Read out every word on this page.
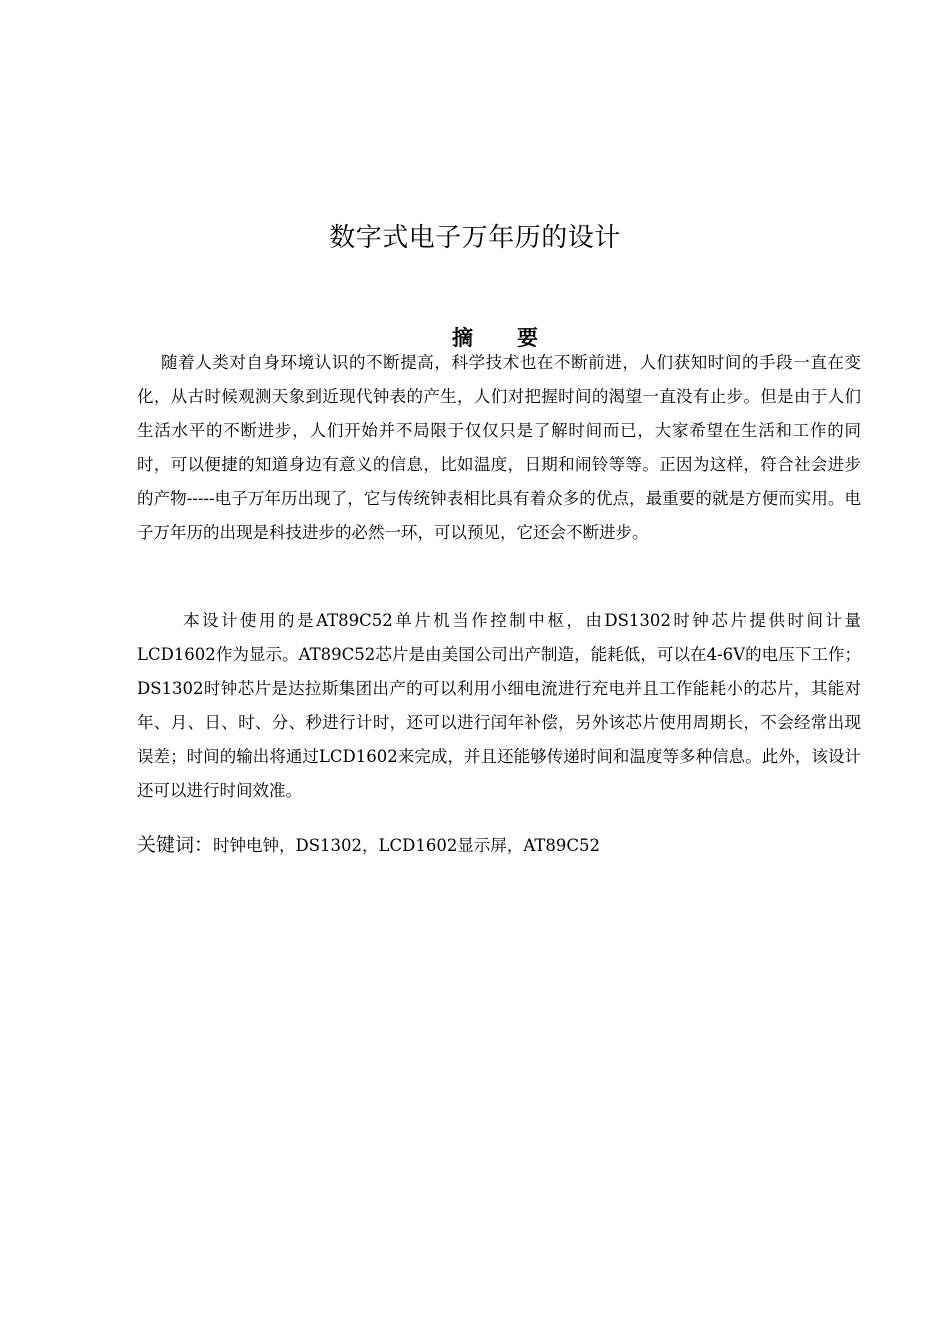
数字式电子万年历的设计
摘 要

随着人类对自身环境认识的不断提高，科学技术也在不断前进，人们获知时间的手段一直在变化，从古时候观测天象到近现代钟表的产生，人们对把握时间的渴望一直没有止步。但是由于人们生活水平的不断进步，人们开始并不局限于仅仅只是了解时间而已，大家希望在生活和工作的同时，可以便捷的知道身边有意义的信息，比如温度，日期和闹铃等等。正因为这样，符合社会进步的产物-----电子万年历出现了，它与传统钟表相比具有着众多的优点，最重要的就是方便而实用。电子万年历的出现是科技进步的必然一环，可以预见，它还会不断进步。

本设计使用的是AT89C52单片机当作控制中枢，由DS1302时钟芯片提供时间计量LCD1602作为显示。AT89C52芯片是由美国公司出产制造，能耗低，可以在4-6V的电压下工作；DS1302时钟芯片是达拉斯集团出产的可以利用小细电流进行充电并且工作能耗小的芯片，其能对年、月、日、时、分、秒进行计时，还可以进行闰年补偿，另外该芯片使用周期长，不会经常出现误差；时间的输出将通过LCD1602来完成，并且还能够传递时间和温度等多种信息。此外，该设计还可以进行时间效准。

关键词：时钟电钟，DS1302，LCD1602显示屏，AT89C52
